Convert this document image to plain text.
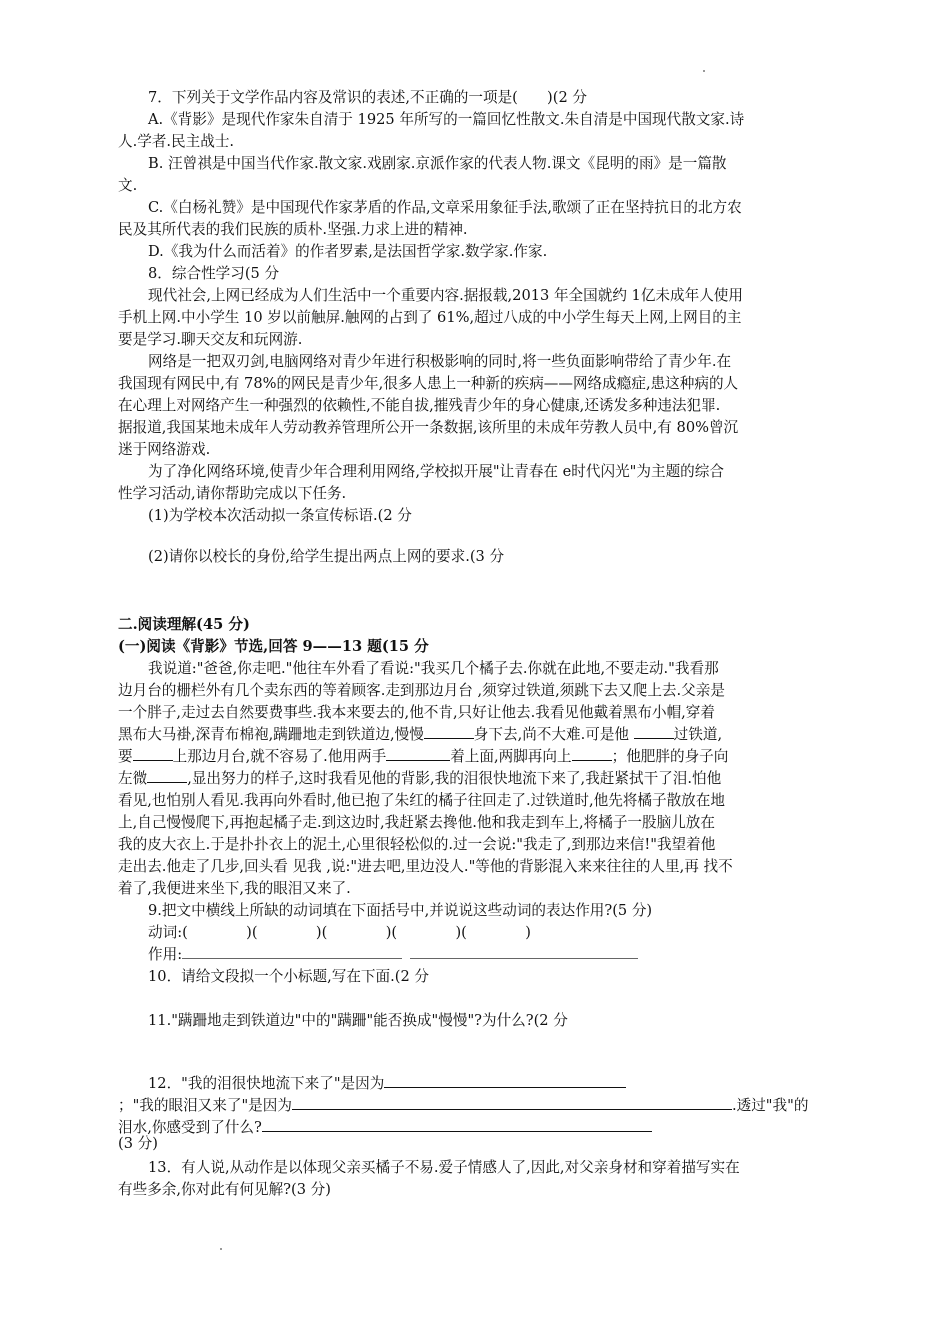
7．下列关于文学作品内容及常识的表述,不正确的一项是(　　)(2 分
A.《背影》是现代作家朱自清于 1925 年所写的一篇回忆性散文.朱自清是中国现代散文家.诗
人.学者.民主战士.
B. 汪曾祺是中国当代作家.散文家.戏剧家.京派作家的代表人物.课文《昆明的雨》是一篇散
文.
C.《白杨礼赞》是中国现代作家茅盾的作品,文章采用象征手法,歌颂了正在坚持抗日的北方农
民及其所代表的我们民族的质朴.坚强.力求上进的精神.
D.《我为什么而活着》的作者罗素,是法国哲学家.数学家.作家.
8．综合性学习(5 分
现代社会,上网已经成为人们生活中一个重要内容.据报载,2013 年全国就约 1亿未成年人使用
手机上网.中小学生 10 岁以前触屏.触网的占到了 61%,超过八成的中小学生每天上网,上网目的主
要是学习.聊天交友和玩网游.
网络是一把双刃剑,电脑网络对青少年进行积极影响的同时,将一些负面影响带给了青少年.在
我国现有网民中,有 78%的网民是青少年,很多人患上一种新的疾病——网络成瘾症,患这种病的人
在心理上对网络产生一种强烈的依赖性,不能自拔,摧残青少年的身心健康,还诱发多种违法犯罪.
据报道,我国某地未成年人劳动教养管理所公开一条数据,该所里的未成年劳教人员中,有 80%曾沉
迷于网络游戏.
为了净化网络环境,使青少年合理利用网络,学校拟开展"让青春在 e时代闪光"为主题的综合
性学习活动,请你帮助完成以下任务.
(1)为学校本次活动拟一条宣传标语.(2 分
(2)请你以校长的身份,给学生提出两点上网的要求.(3 分
二.阅读理解(45 分)
(一)阅读《背影》节选,回答 9——13 题(15 分
我说道:"爸爸,你走吧."他往车外看了看说:"我买几个橘子去.你就在此地,不要走动."我看那
边月台的栅栏外有几个卖东西的等着顾客.走到那边月台 ,须穿过铁道,须跳下去又爬上去.父亲是
一个胖子,走过去自然要费事些.我本来要去的,他不肯,只好让他去.我看见他戴着黑布小帽,穿着
黑布大马褂,深青布棉袍,蹒跚地走到铁道边,慢慢	身下去,尚不大难.可是他	过铁道,
要	上那边月台,就不容易了.他用两手	着上面,两脚再向上	；他肥胖的身子向
左微	,显出努力的样子,这时我看见他的背影,我的泪很快地流下来了,我赶紧拭干了泪.怕他
看见,也怕别人看见.我再向外看时,他已抱了朱红的橘子往回走了.过铁道时,他先将橘子散放在地
上,自己慢慢爬下,再抱起橘子走.到这边时,我赶紧去搀他.他和我走到车上,将橘子一股脑儿放在
我的皮大衣上.于是扑扑衣上的泥土,心里很轻松似的.过一会说:"我走了,到那边来信!"我望着他
走出去.他走了几步,回头看 见我 ,说:"进去吧,里边没人."等他的背影混入来来往往的人里,再 找不
着了,我便进来坐下,我的眼泪又来了.
9.把文中横线上所缺的动词填在下面括号中,并说说这些动词的表达作用?(5 分)
动词:(　　　　)(　　　　)(　　　　)(　　　　)(　　　　)
作用:
10．请给文段拟一个小标题,写在下面.(2 分
11."蹒跚地走到铁道边"中的"蹒跚"能否换成"慢慢"?为什么?(2 分
12．"我的泪很快地流下来了"是因为
；"我的眼泪又来了"是因为	.透过"我"的
泪水,你感受到了什么?
(3 分)
13．有人说,从动作是以体现父亲买橘子不易.爱子情感人了,因此,对父亲身材和穿着描写实在
有些多余,你对此有何见解?(3 分)
